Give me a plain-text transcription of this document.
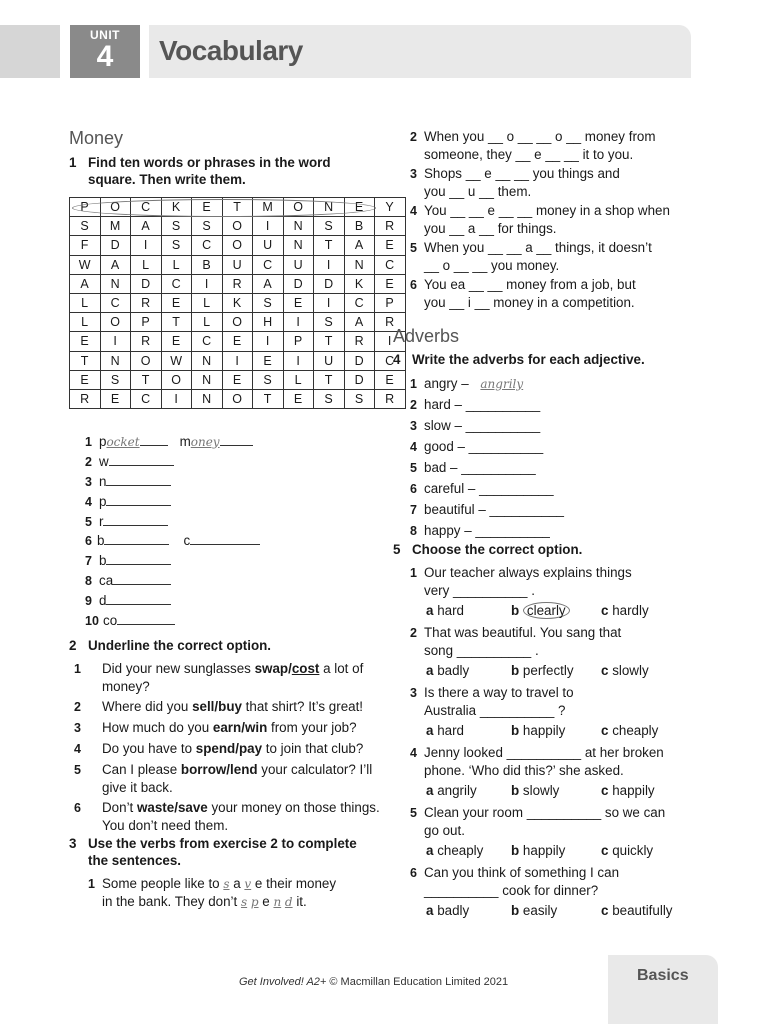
UNIT
4	Vocabulary
Money
1 Find ten words or phrases in the word square. Then write them.
P	O	C	K	E	T	M	O	N	E	Y
S	M	A	S	S	O	I	N	S	B	R
F	D	I	S	C	O	U	N	T	A	E
W	A	L	L	B	U	C	U	I	N	C
A	N	D	C	I	R	A	D	D	K	E
L	C	R	E	L	K	S	E	I	C	P
L	O	P	T	L	O	H	I	S	A	R
E	I	R	E	C	E	I	P	T	R	I
T	N	O	W	N	I	E	I	U	D	C
E	S	T	O	N	E	S	L	T	D	E
R	E	C	I	N	O	T	E	S	S	R
1 pocket	money
2 w
3 n
4 p
5 r
6 b	c
7 b
8 ca
9 d
10 co
2 Underline the correct option.
1 Did your new sunglasses swap/cost a lot of money?
2 Where did you sell/buy that shirt? It’s great!
3 How much do you earn/win from your job?
4 Do you have to spend/pay to join that club?
5 Can I please borrow/lend your calculator? I’ll give it back.
6 Don’t waste/save your money on those things. You don’t need them.
3 Use the verbs from exercise 2 to complete the sentences.
1 Some people like to s a v e their money
in the bank. They don’t s p e n d it.
2 When you __ o __ __ o __ money from
someone, they __ e __ __ it to you.
3 Shops __ e __ __ you things and
you __ u __ them.
4 You __ __ e __ __ money in a shop when
you __ a __ for things.
5 When you __ __ a __ things, it doesn’t
__ o __ __ you money.
6 You ea __ __ money from a job, but
you __ i __ money in a competition.
Adverbs
4 Write the adverbs for each adjective.
1 angry – angrily
2 hard – __________
3 slow – __________
4 good – __________
5 bad – __________
6 careful – __________
7 beautiful – __________
8 happy – __________
5 Choose the correct option.
1 Our teacher always explains things
very __________ .
a hard	b clearly	c hardly
2 That was beautiful. You sang that
song __________ .
a badly	b perfectly c slowly
3 Is there a way to travel to
Australia __________ ?
a hard	b happily	c cheaply
4 Jenny looked __________ at her broken
phone. ‘Who did this?’ she asked.
a angrily	b slowly	c happily
5 Clean your room __________ so we can
go out.
a cheaply b happily	c quickly
6 Can you think of something I can
__________ cook for dinner?
a badly	b easily	c beautifully
Get Involved! A2+ © Macmillan Education Limited 2021	Basics
